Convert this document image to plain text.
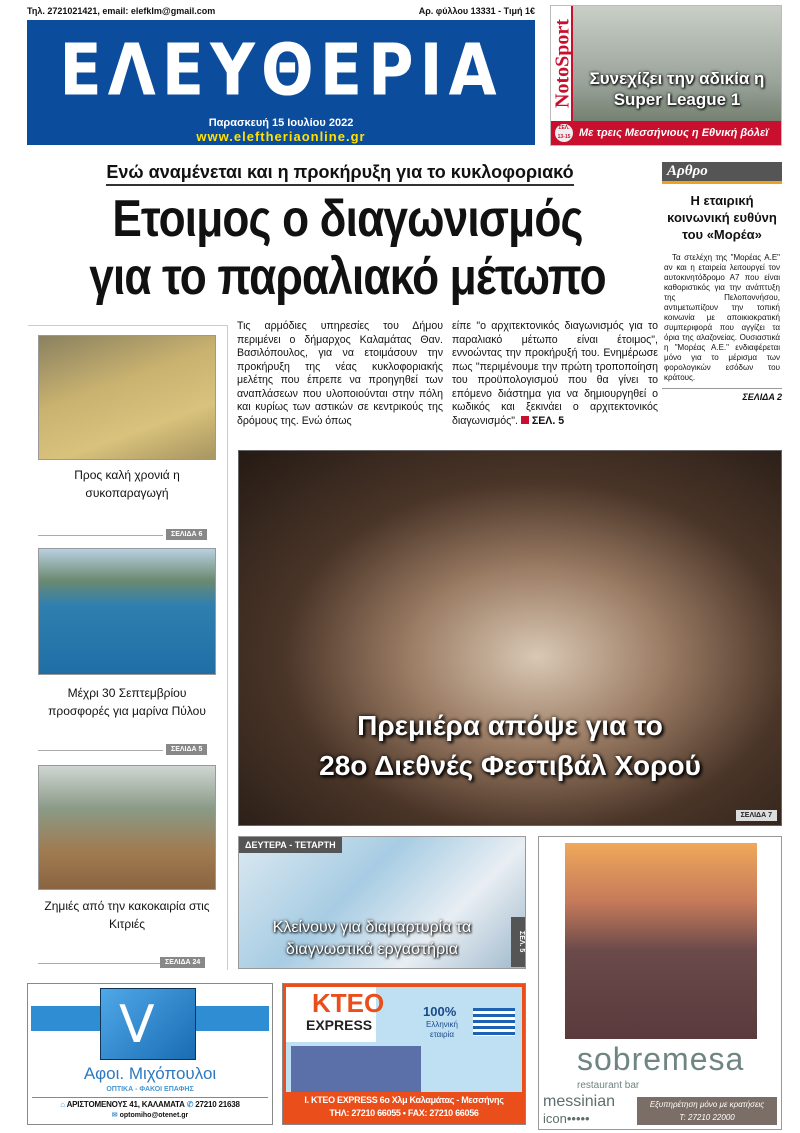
Τηλ. 2721021421, email: elefklm@gmail.com	Αρ. φύλλου 13331 - Τιμή 1€
ΕΛΕΥΘΕΡΙΑ
Παρασκευή 15 Ιουλίου 2022
www.eleftheriaonline.gr
NotoSport Συνεχίζει την αδικία η Super League 1
Με τρεις Μεσσήνιους η Εθνική βόλεϊ
ΣΕΛ. 13-15
Ενώ αναμένεται και η προκήρυξη για το κυκλοφοριακό
Ετοιμος ο διαγωνισμός
για το παραλιακό μέτωπο
Αρθρο
Η εταιρική κοινωνική ευθύνη του «Μορέα»
Τα στελέχη της "Μορέας Α.Ε" αν και η εταιρεία λειτουργεί τον αυτοκινητόδρομο Α7 που είναι καθοριστικός για την ανάπτυξη της Πελοποννήσου, αντιμετωπίζουν την τοπική κοινωνία με αποικιοκρατική συμπεριφορά που αγγίζει τα όρια της αλαζονείας. Ουσιαστικά η "Μορέας Α.Ε." ενδιαφέρεται μόνο για το μέρισμα των φορολογικών εσόδων του κράτους.
ΣΕΛΙΔΑ 2
Προς καλή χρονιά η συκοπαραγωγή
ΣΕΛΙΔΑ 6
Μέχρι 30 Σεπτεμβρίου προσφορές για μαρίνα Πύλου
ΣΕΛΙΔΑ 5
Ζημιές από την κακοκαιρία στις Κιτριές
ΣΕΛΙΔΑ 24
Τις αρμόδιες υπηρεσίες του Δήμου περιμένει ο δήμαρχος Καλαμάτας Θαν. Βασιλόπουλος, για να ετοιμάσουν την προκήρυξη της νέας κυκλοφοριακής μελέτης που έπρεπε να προηγηθεί των αναπλάσεων που υλοποιούνται στην πόλη και κυρίως των αστικών σε κεντρικούς της δρόμους της. Ενώ όπως
είπε "ο αρχιτεκτονικός διαγωνισμός για το παραλιακό μέτωπο είναι έτοιμος", εννοώντας την προκήρυξή του. Ενημέρωσε πως "περιμένουμε την πρώτη τροποποίηση του προϋπολογισμού που θα γίνει το επόμενο διάστημα για να δημιουργηθεί ο κωδικός και ξεκινάει ο αρχιτεκτονικός διαγωνισμός". ΣΕΛ. 5
Πρεμιέρα απόψε για το
28ο Διεθνές Φεστιβάλ Χορού
ΣΕΛΙΔΑ 7
ΔΕΥΤΕΡΑ - ΤΕΤΑΡΤΗ
Κλείνουν για διαμαρτυρία τα διαγνωστικά εργαστήρια	ΣΕΛ. 5
sobremesa
restaurant bar
messinian
icon•••••
Εξυπηρέτηση μόνο με κρατήσεις
Τ: 27210 22000
V
Αφοι. Μιχόπουλοι
ΟΠΤΙΚΑ - ΦΑΚΟΙ ΕΠΑΦΗΣ
⌂ ΑΡΙΣΤΟΜΕΝΟΥΣ 41, ΚΑΛΑΜΑΤΑ ✆ 27210 21638
✉ optomiho@otenet.gr
KTEO
EXPRESS
100%
Ελληνική εταιρία
I. KTEO EXPRESS 6ο Χλμ Καλαμάτας - Μεσσήνης
ΤΗΛ: 27210 66055 • FAX: 27210 66056
